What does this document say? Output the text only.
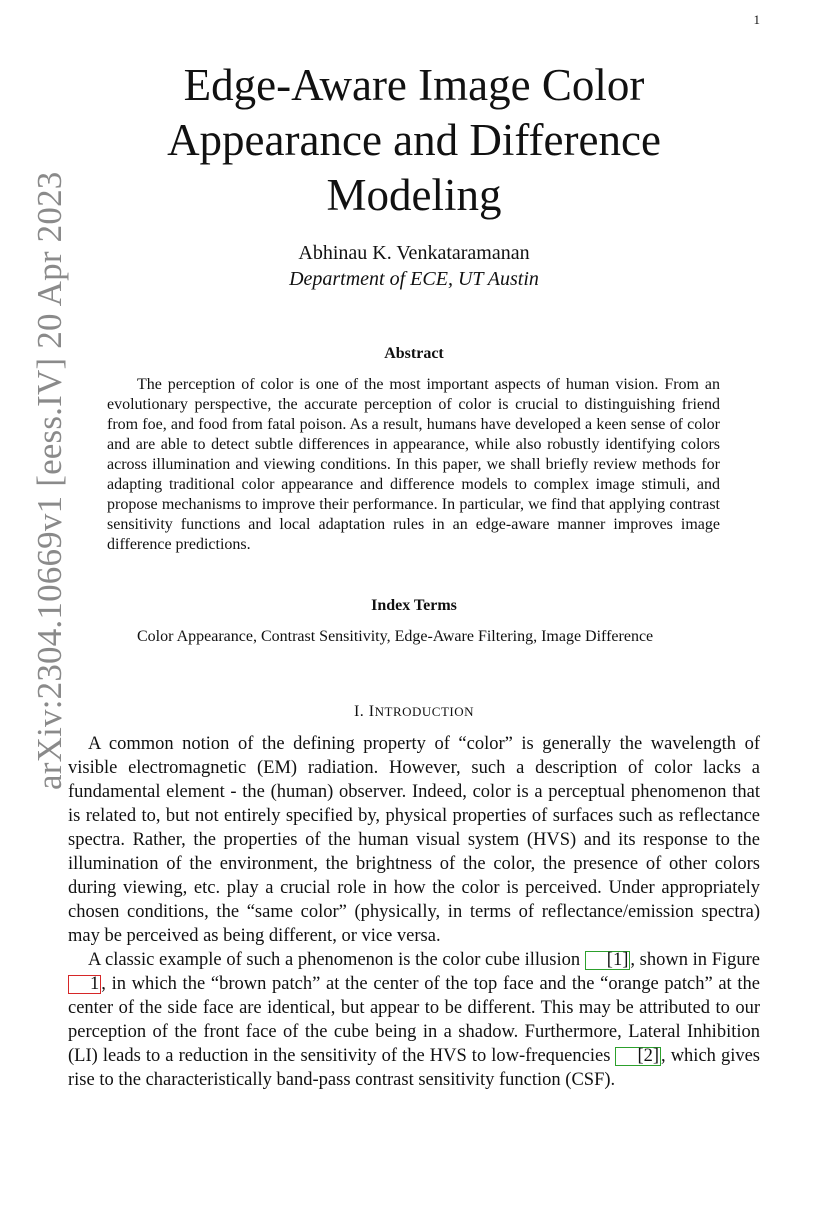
1
arXiv:2304.10669v1 [eess.IV] 20 Apr 2023
Edge-Aware Image Color Appearance and Difference Modeling
Abhinau K. Venkataramanan
Department of ECE, UT Austin
Abstract

The perception of color is one of the most important aspects of human vision. From an evolutionary perspective, the accurate perception of color is crucial to distinguishing friend from foe, and food from fatal poison. As a result, humans have developed a keen sense of color and are able to detect subtle differences in appearance, while also robustly identifying colors across illumination and viewing conditions. In this paper, we shall briefly review methods for adapting traditional color appearance and difference models to complex image stimuli, and propose mechanisms to improve their performance. In particular, we find that applying contrast sensitivity functions and local adaptation rules in an edge-aware manner improves image difference predictions.

Index Terms
Color Appearance, Contrast Sensitivity, Edge-Aware Filtering, Image Difference
I. INTRODUCTION

A common notion of the defining property of “color” is generally the wavelength of visible electromagnetic (EM) radiation. However, such a description of color lacks a fundamental element - the (human) observer. Indeed, color is a perceptual phenomenon that is related to, but not entirely specified by, physical properties of surfaces such as reflectance spectra. Rather, the properties of the human visual system (HVS) and its response to the illumination of the environment, the brightness of the color, the presence of other colors during viewing, etc. play a crucial role in how the color is perceived. Under appropriately chosen conditions, the “same color” (physically, in terms of reflectance/emission spectra) may be perceived as being different, or vice versa.

A classic example of such a phenomenon is the color cube illusion [1] , shown in Figure 1 , in which the “brown patch” at the center of the top face and the “orange patch” at the center of the side face are identical, but appear to be different. This may be attributed to our perception of the front face of the cube being in a shadow. Furthermore, Lateral Inhibition (LI) leads to a reduction in the sensitivity of the HVS to low-frequencies [2] , which gives rise to the characteristically band-pass contrast sensitivity function (CSF).
